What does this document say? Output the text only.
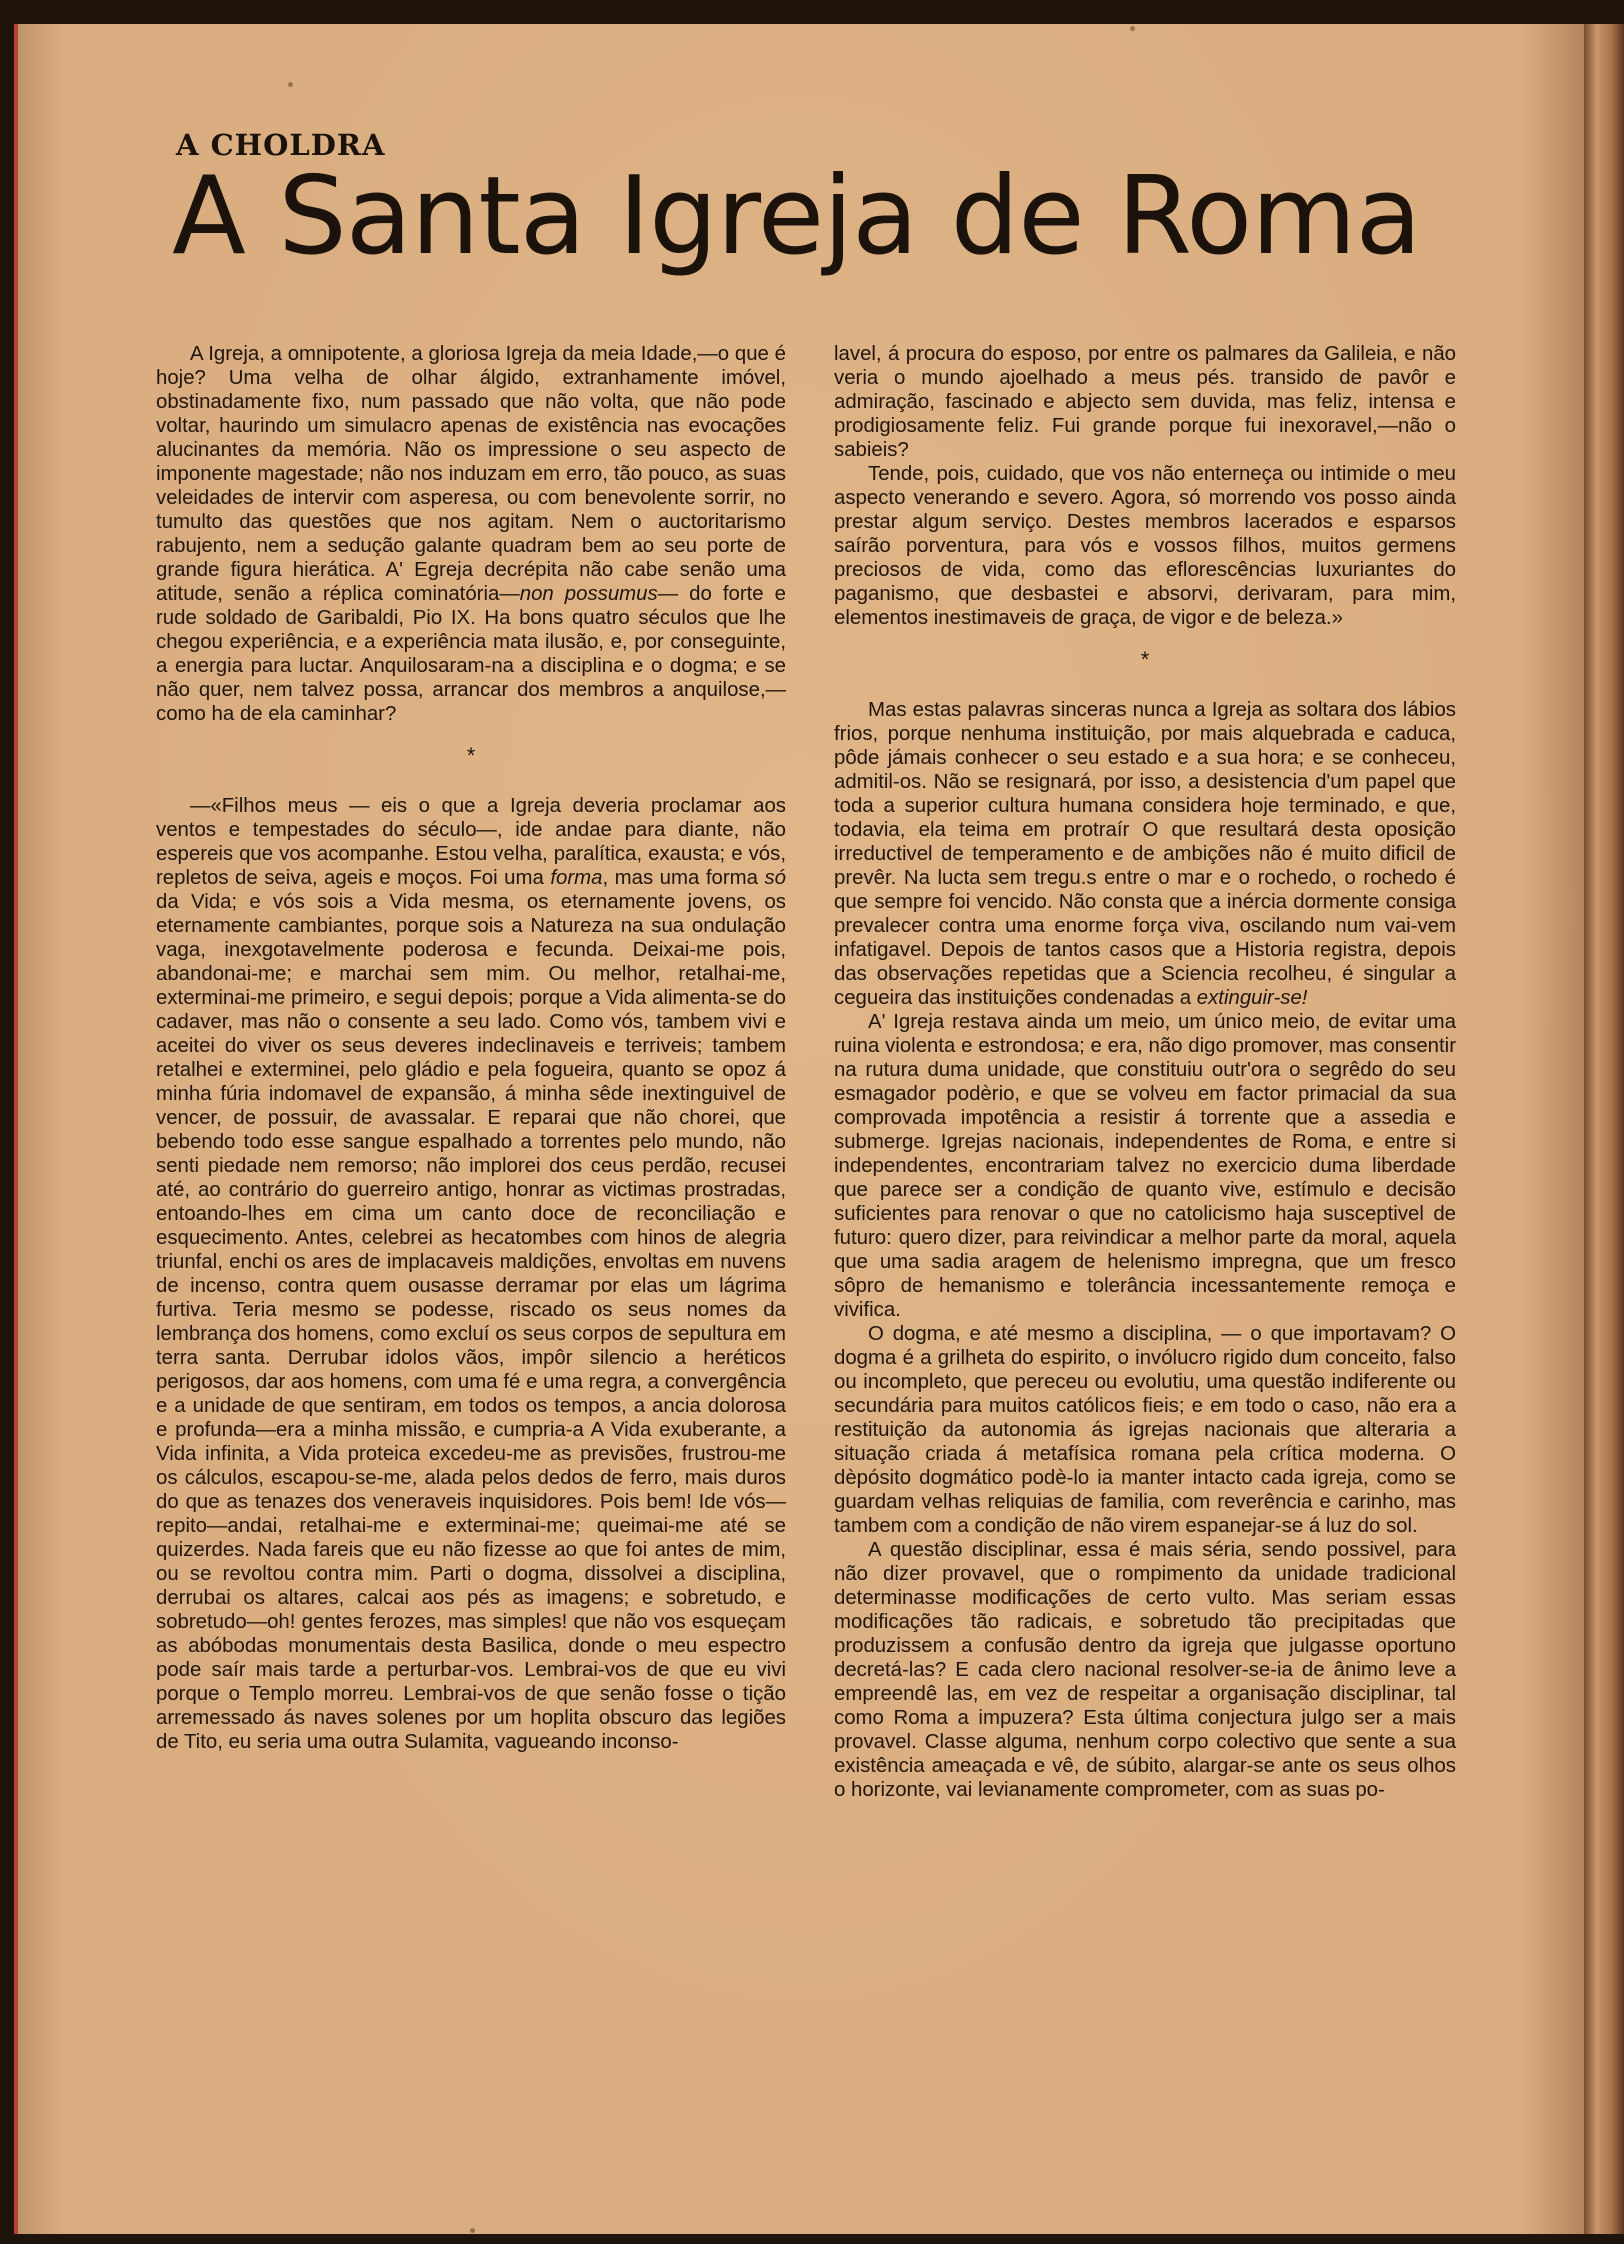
A CHOLDRA
A Santa Igreja de Roma

A Igreja, a omnipotente, a gloriosa Igreja da meia Idade,—o que é hoje? Uma velha de olhar álgido, extranhamente imóvel, obstinadamente fixo, num passado que não volta, que não pode voltar, haurindo um simulacro apenas de existência nas evocações alucinantes da memória. Não os impressione o seu aspecto de imponente magestade; não nos induzam em erro, tão pouco, as suas veleidades de intervir com asperesa, ou com benevolente sorrir, no tumulto das questões que nos agitam. Nem o auctoritarismo rabujento, nem a sedução galante quadram bem ao seu porte de grande figura hierática. A' Egreja decrépita não cabe senão uma atitude, senão a réplica cominatória—non possumus— do forte e rude soldado de Garibaldi, Pio IX. Ha bons quatro séculos que lhe chegou experiência, e a experiência mata ilusão, e, por conseguinte, a energia para luctar. Anquilosaram-na a disciplina e o dogma; e se não quer, nem talvez possa, arrancar dos membros a anquilose,—como ha de ela caminhar?

*

—«Filhos meus — eis o que a Igreja deveria proclamar aos ventos e tempestades do século—, ide andae para diante, não espereis que vos acompanhe. Estou velha, paralítica, exausta; e vós, repletos de seiva, ageis e moços. Foi uma forma, mas uma forma só da Vida; e vós sois a Vida mesma, os eternamente jovens, os eternamente cambiantes, porque sois a Natureza na sua ondulação vaga, inexgotavelmente poderosa e fecunda. Deixai-me pois, abandonai-me; e marchai sem mim. Ou melhor, retalhai-me, exterminai-me primeiro, e segui depois; porque a Vida alimenta-se do cadaver, mas não o consente a seu lado. Como vós, tambem vivi e aceitei do viver os seus deveres indeclinaveis e terriveis; tambem retalhei e exterminei, pelo gládio e pela fogueira, quanto se opoz á minha fúria indomavel de expansão, á minha sêde inextinguivel de vencer, de possuir, de avassalar. E reparai que não chorei, que bebendo todo esse sangue espalhado a torrentes pelo mundo, não senti piedade nem remorso; não implorei dos ceus perdão, recusei até, ao contrário do guerreiro antigo, honrar as victimas prostradas, entoando-lhes em cima um canto doce de reconciliação e esquecimento. Antes, celebrei as hecatombes com hinos de alegria triunfal, enchi os ares de implacaveis maldições, envoltas em nuvens de incenso, contra quem ousasse derramar por elas um lágrima furtiva. Teria mesmo se podesse, riscado os seus nomes da lembrança dos homens, como excluí os seus corpos de sepultura em terra santa. Derrubar idolos vãos, impôr silencio a heréticos perigosos, dar aos homens, com uma fé e uma regra, a convergência e a unidade de que sentiram, em todos os tempos, a ancia dolorosa e profunda—era a minha missão, e cumpria-a A Vida exuberante, a Vida infinita, a Vida proteica excedeu-me as previsões, frustrou-me os cálculos, escapou-se-me, alada pelos dedos de ferro, mais duros do que as tenazes dos veneraveis inquisidores. Pois bem! Ide vós—repito—andai, retalhai-me e exterminai-me; queimai-me até se quizerdes. Nada fareis que eu não fizesse ao que foi antes de mim, ou se revoltou contra mim. Parti o dogma, dissolvei a disciplina, derrubai os altares, calcai aos pés as imagens; e sobretudo, e sobretudo—oh! gentes ferozes, mas simples! que não vos esqueçam as abóbodas monumentais desta Basilica, donde o meu espectro pode saír mais tarde a perturbar-vos. Lembrai-vos de que eu vivi porque o Templo morreu. Lembrai-vos de que senão fosse o tição arremessado ás naves solenes por um hoplita obscuro das legiões de Tito, eu seria uma outra Sulamita, vagueando inconso-

lavel, á procura do esposo, por entre os palmares da Galileia, e não veria o mundo ajoelhado a meus pés. transido de pavôr e admiração, fascinado e abjecto sem duvida, mas feliz, intensa e prodigiosamente feliz. Fui grande porque fui inexoravel,—não o sabieis?

Tende, pois, cuidado, que vos não enterneça ou intimide o meu aspecto venerando e severo. Agora, só morrendo vos posso ainda prestar algum serviço. Destes membros lacerados e esparsos saírão porventura, para vós e vossos filhos, muitos germens preciosos de vida, como das eflorescências luxuriantes do paganismo, que desbastei e absorvi, derivaram, para mim, elementos inestimaveis de graça, de vigor e de beleza.»

*

Mas estas palavras sinceras nunca a Igreja as soltara dos lábios frios, porque nenhuma instituição, por mais alquebrada e caduca, pôde jámais conhecer o seu estado e a sua hora; e se conheceu, admitil-os. Não se resignará, por isso, a desistencia d'um papel que toda a superior cultura humana considera hoje terminado, e que, todavia, ela teima em protraír O que resultará desta oposição irreductivel de temperamento e de ambições não é muito dificil de prevêr. Na lucta sem tregu.s entre o mar e o rochedo, o rochedo é que sempre foi vencido. Não consta que a inércia dormente consiga prevalecer contra uma enorme força viva, oscilando num vai-vem infatigavel. Depois de tantos casos que a Historia registra, depois das observações repetidas que a Sciencia recolheu, é singular a cegueira das instituições condenadas a extinguir-se!

A' Igreja restava ainda um meio, um único meio, de evitar uma ruina violenta e estrondosa; e era, não digo promover, mas consentir na rutura duma unidade, que constituiu outr'ora o segrêdo do seu esmagador podèrio, e que se volveu em factor primacial da sua comprovada impotência a resistir á torrente que a assedia e submerge. Igrejas nacionais, independentes de Roma, e entre si independentes, encontrariam talvez no exercicio duma liberdade que parece ser a condição de quanto vive, estímulo e decisão suficientes para renovar o que no catolicismo haja susceptivel de futuro: quero dizer, para reivindicar a melhor parte da moral, aquela que uma sadia aragem de helenismo impregna, que um fresco sôpro de hemanismo e tolerância incessantemente remoça e vivifica.

O dogma, e até mesmo a disciplina, — o que importavam? O dogma é a grilheta do espirito, o invólucro rigido dum conceito, falso ou incompleto, que pereceu ou evolutiu, uma questão indiferente ou secundária para muitos católicos fieis; e em todo o caso, não era a restituição da autonomia ás igrejas nacionais que alteraria a situação criada á metafísica romana pela crítica moderna. O dèpósito dogmático podè-lo ia manter intacto cada igreja, como se guardam velhas reliquias de familia, com reverência e carinho, mas tambem com a condição de não virem espanejar-se á luz do sol.

A questão disciplinar, essa é mais séria, sendo possivel, para não dizer provavel, que o rompimento da unidade tradicional determinasse modificações de certo vulto. Mas seriam essas modificações tão radicais, e sobretudo tão precipitadas que produzissem a confusão dentro da igreja que julgasse oportuno decretá-las? E cada clero nacional resolver-se-ia de ânimo leve a empreendê las, em vez de respeitar a organisação disciplinar, tal como Roma a impuzera? Esta última conjectura julgo ser a mais provavel. Classe alguma, nenhum corpo colectivo que sente a sua existência ameaçada e vê, de súbito, alargar-se ante os seus olhos o horizonte, vai levianamente comprometer, com as suas po-
